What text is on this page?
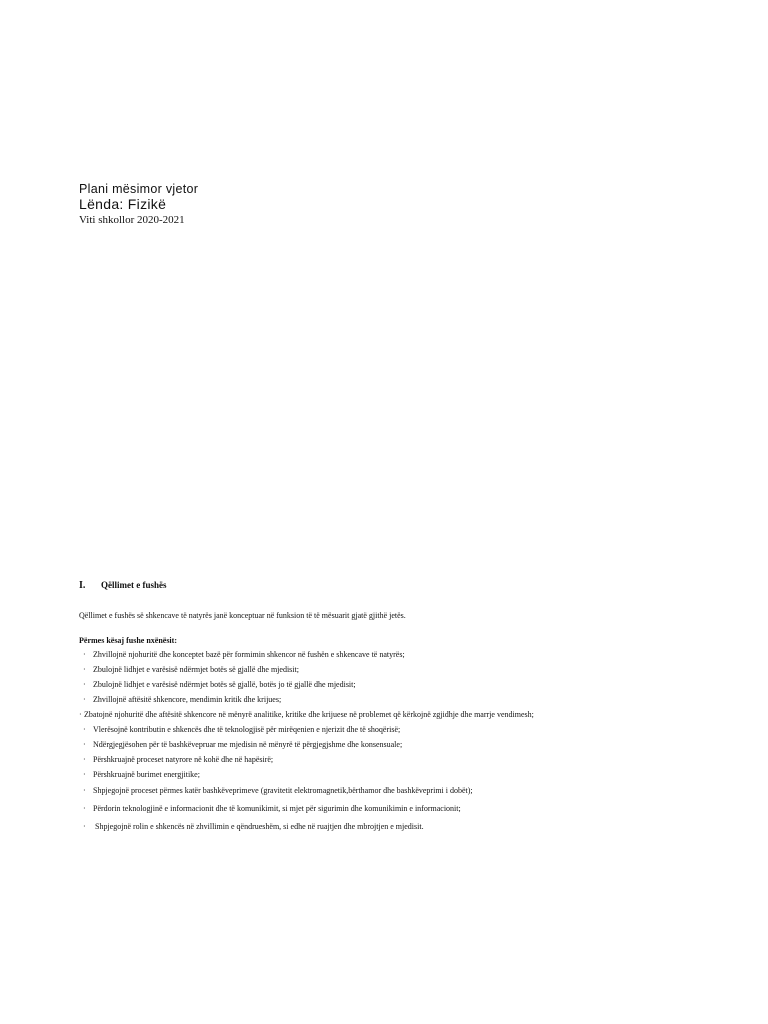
Plani mësimor vjetor
Lënda: Fizikë
Viti shkollor 2020-2021
I. Qëllimet e fushës
Qëllimet e fushës së shkencave të natyrës janë konceptuar në funksion të të mësuarit gjatë gjithë jetës.
Përmes kësaj fushe nxënësit:
· Zhvillojnë njohuritë dhe konceptet bazë për formimin shkencor në fushën e shkencave të natyrës;
· Zbulojnë lidhjet e varësisë ndërmjet botës së gjallë dhe mjedisit;
· Zbulojnë lidhjet e varësisë ndërmjet botës së gjallë, botës jo të gjallë dhe mjedisit;
· Zhvillojnë aftësitë shkencore, mendimin kritik dhe krijues;
· Zbatojnë njohuritë dhe aftësitë shkencore në mënyrë analitike, kritike dhe krijuese në problemet që kërkojnë zgjidhje dhe marrje vendimesh;
· Vlerësojnë kontributin e shkencës dhe të teknologjisë për mirëqenien e njerizit dhe të shoqërisë;
· Ndërgjegjësohen për të bashkëvepruar me mjedisin në mënyrë të përgjegjshme dhe konsensuale;
· Përshkruajnë proceset natyrore në kohë dhe në hapësirë;
· Përshkruajnë burimet energjitike;
· Shpjegojnë proceset përmes katër bashkëveprimeve (gravitetit elektromagnetik,bërthamor dhe bashkëveprimi i dobët);
· Përdorin teknologjinë e informacionit dhe të komunikimit, si mjet për sigurimin dhe komunikimin e informacionit;
· Shpjegojnë rolin e shkencës në zhvillimin e qëndrueshëm, si edhe në ruajtjen dhe mbrojtjen e mjedisit.
